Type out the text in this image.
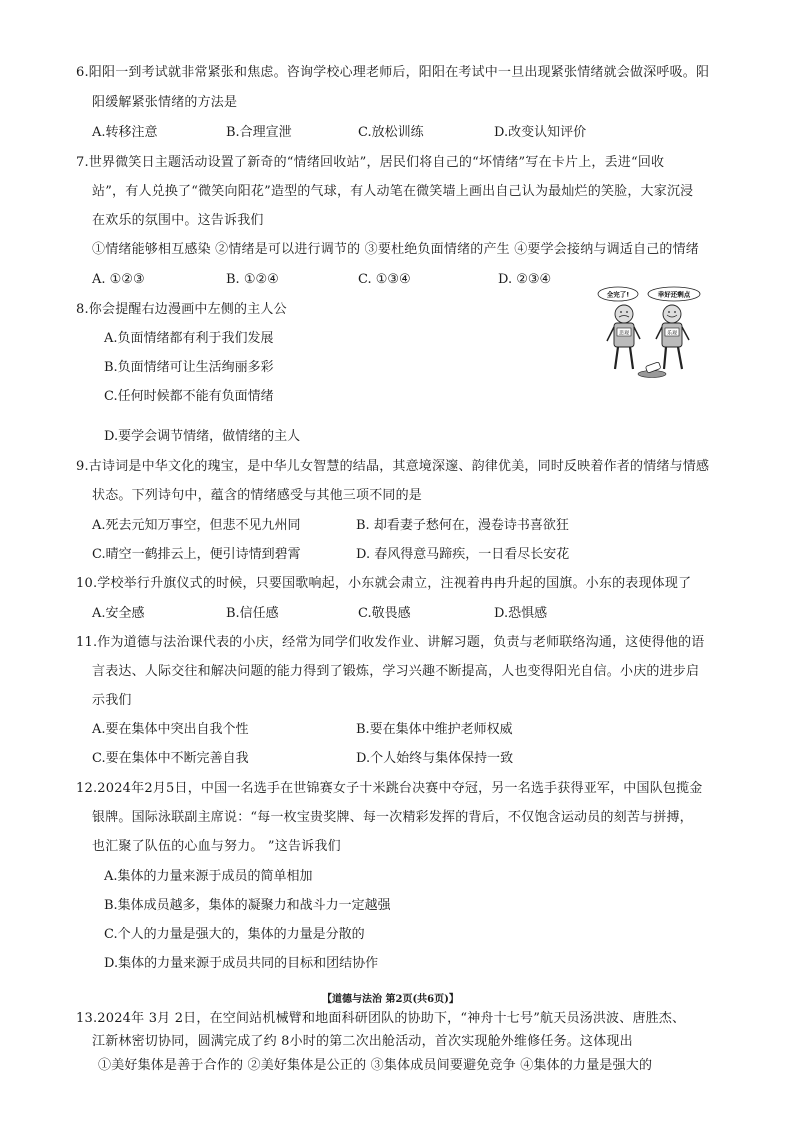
6.阳阳一到考试就非常紧张和焦虑。咨询学校心理老师后，阳阳在考试中一旦出现紧张情绪就会做深呼吸。阳
阳缓解紧张情绪的方法是
A.转移注意	B.合理宣泄	C.放松训练	D.改变认知评价
7.世界微笑日主题活动设置了新奇的“情绪回收站”，居民们将自己的“坏情绪”写在卡片上，丢进“回收
站”，有人兑换了“微笑向阳花”造型的气球，有人动笔在微笑墙上画出自己认为最灿烂的笑脸，大家沉浸
在欢乐的氛围中。这告诉我们
①情绪能够相互感染 ②情绪是可以进行调节的 ③要杜绝负面情绪的产生 ④要学会接纳与调适自己的情绪
A. ①②③	B. ①②④	C. ①③④	D. ②③④
8.你会提醒右边漫画中左侧的主人公
A.负面情绪都有利于我们发展
B.负面情绪可让生活绚丽多彩
C.任何时候都不能有负面情绪
D.要学会调节情绪，做情绪的主人
全完了!	幸好还剩点
悲观	乐观
9.古诗词是中华文化的瑰宝，是中华儿女智慧的结晶，其意境深邃、韵律优美，同时反映着作者的情绪与情感
状态。下列诗句中，蕴含的情绪感受与其他三项不同的是
A.死去元知万事空，但悲不见九州同	B. 却看妻子愁何在，漫卷诗书喜欲狂
C.晴空一鹤排云上，便引诗情到碧霄	D. 春风得意马蹄疾，一日看尽长安花
10.学校举行升旗仪式的时候，只要国歌响起，小东就会肃立，注视着冉冉升起的国旗。小东的表现体现了
A.安全感	B.信任感	C.敬畏感	D.恐惧感
11.作为道德与法治课代表的小庆，经常为同学们收发作业、讲解习题，负责与老师联络沟通，这使得他的语
言表达、人际交往和解决问题的能力得到了锻炼，学习兴趣不断提高，人也变得阳光自信。小庆的进步启
示我们
A.要在集体中突出自我个性	B.要在集体中维护老师权威
C.要在集体中不断完善自我	D.个人始终与集体保持一致
12.2024年2月5日，中国一名选手在世锦赛女子十米跳台决赛中夺冠，另一名选手获得亚军，中国队包揽金
银牌。国际泳联副主席说：“每一枚宝贵奖牌、每一次精彩发挥的背后，不仅饱含运动员的刻苦与拼搏，
也汇聚了队伍的心血与努力。 ”这告诉我们
A.集体的力量来源于成员的简单相加
B.集体成员越多，集体的凝聚力和战斗力一定越强
C.个人的力量是强大的，集体的力量是分散的
D.集体的力量来源于成员共同的目标和团结协作
【道德与法治 第2页(共6页)】
13.2024年 3月 2日，在空间站机械臂和地面科研团队的协助下，“神舟十七号”航天员汤洪波、唐胜杰、
江新林密切协同，圆满完成了约 8小时的第二次出舱活动，首次实现舱外维修任务。这体现出
①美好集体是善于合作的 ②美好集体是公正的 ③集体成员间要避免竞争 ④集体的力量是强大的
